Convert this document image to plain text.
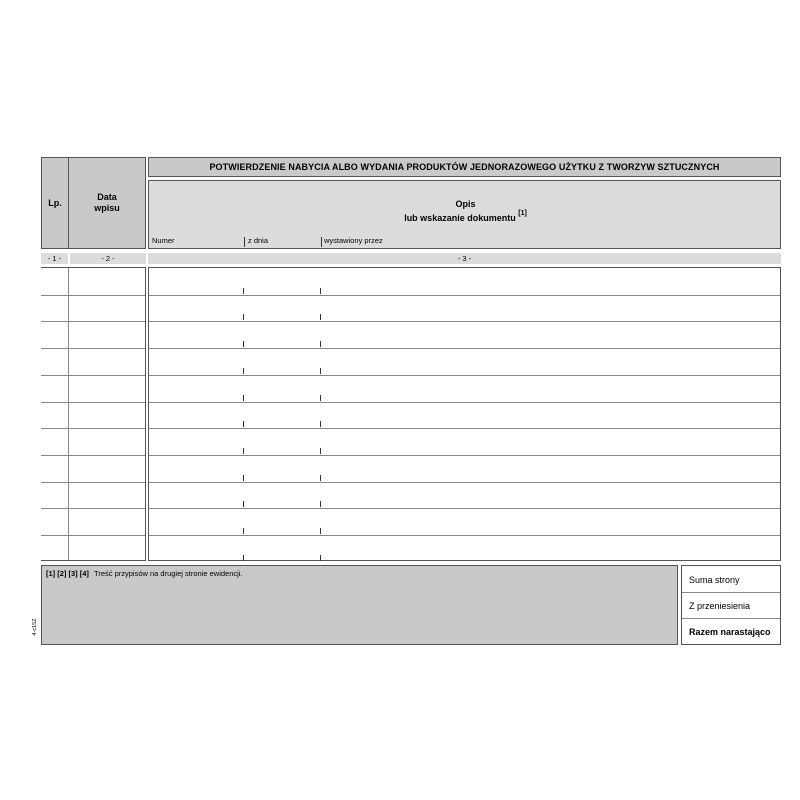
Lp.
Data
wpisu
POTWIERDZENIE NABYCIA ALBO WYDANIA PRODUKTÓW JEDNORAZOWEGO UŻYTKU Z TWORZYW SZTUCZNYCH
Opis
lub wskazanie dokumentu [1]
Numer	z dnia	wystawiony przez
- 1 -	- 2 -	- 3 -
[1] [2] [3] [4] Treść przypisów na drugiej stronie ewidencji.
Suma strony
Z przeniesienia
Razem narastająco
4-c15Z
